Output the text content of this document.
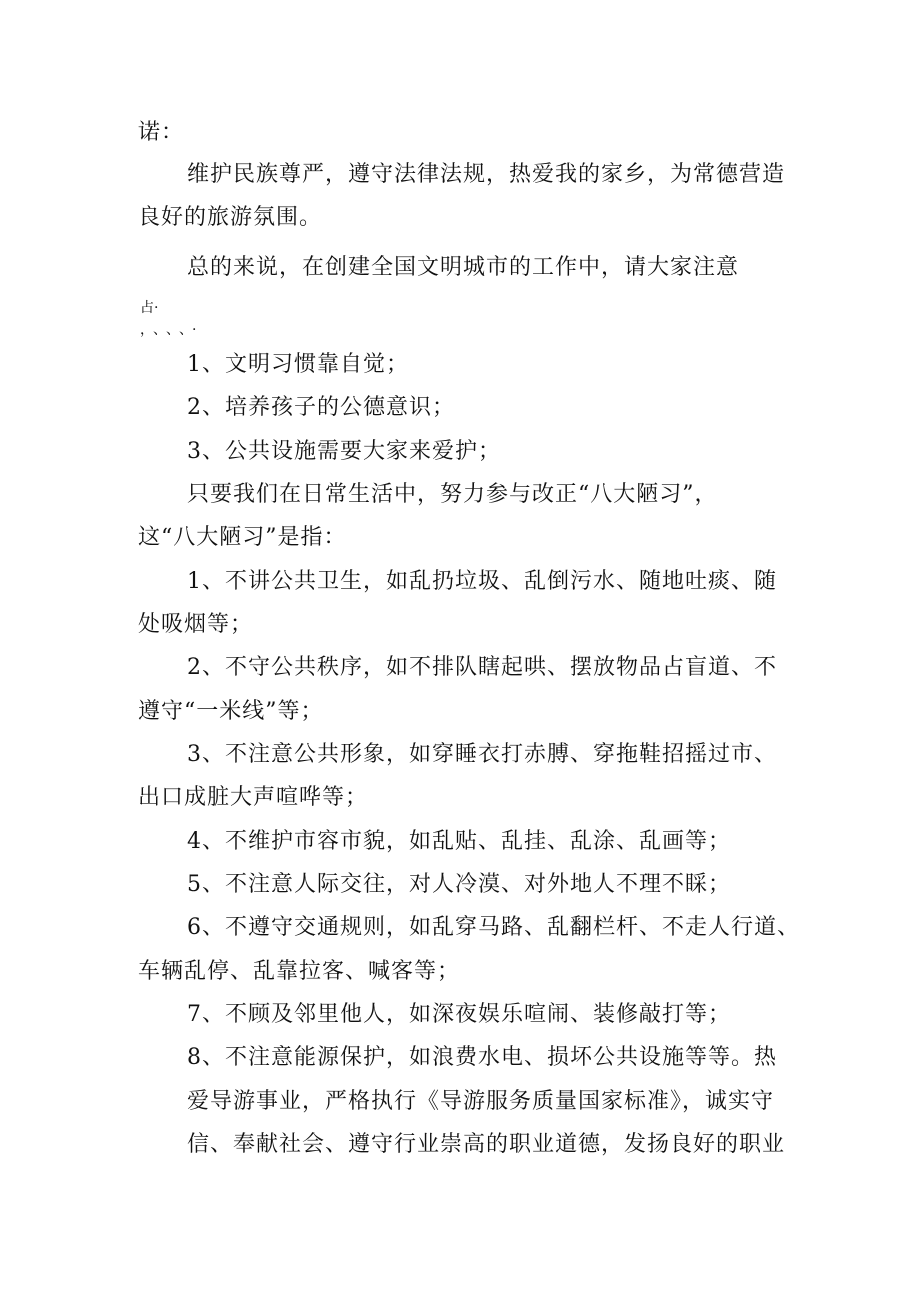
诺：
维护民族尊严，遵守法律法规，热爱我的家乡，为常德营造
良好的旅游氛围。
总的来说，在创建全国文明城市的工作中，请大家注意
占·
，、、、·
1、文明习惯靠自觉；
2、培养孩子的公德意识；
3、公共设施需要大家来爱护；
只要我们在日常生活中，努力参与改正“八大陋习”，
这“八大陋习”是指：
1、不讲公共卫生，如乱扔垃圾、乱倒污水、随地吐痰、随
处吸烟等；
2、不守公共秩序，如不排队瞎起哄、摆放物品占盲道、不
遵守“一米线”等；
3、不注意公共形象，如穿睡衣打赤膊、穿拖鞋招摇过市、
出口成脏大声喧哗等；
4、不维护市容市貌，如乱贴、乱挂、乱涂、乱画等；
5、不注意人际交往，对人冷漠、对外地人不理不睬；
6、不遵守交通规则，如乱穿马路、乱翻栏杆、不走人行道、
车辆乱停、乱靠拉客、喊客等；
7、不顾及邻里他人，如深夜娱乐喧闹、装修敲打等；
8、不注意能源保护，如浪费水电、损坏公共设施等等。热
爱导游事业，严格执行《导游服务质量国家标准》，诚实守
信、奉献社会、遵守行业崇高的职业道德，发扬良好的职业
